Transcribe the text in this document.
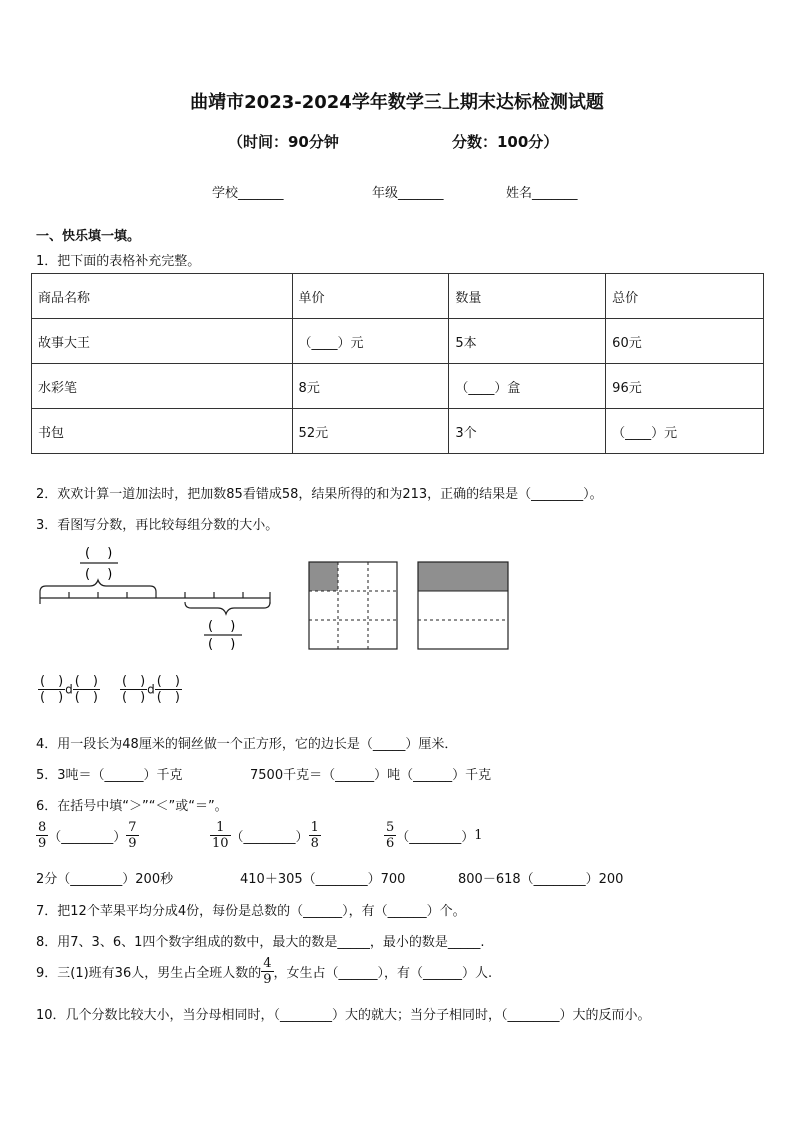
曲靖市2023-2024学年数学三上期末达标检测试题
（时间：90分钟	分数：100分）
学校_______	年级_______	姓名_______
一、快乐填一填。
1．把下面的表格补充完整。
商品名称	单价	数量	总价
故事大王	（____）元	5本	60元
水彩笔	8元	（____）盒	96元
书包	52元	3个	（____）元
2．欢欢计算一道加法时，把加数85看错成58，结果所得的和为213，正确的结果是（________）。
3．看图写分数，再比较每组分数的大小。
(　 )
(　 )
(　 )
(　 )
$\frac{( )}{( )}$ d $\frac{( )}{( )} \frac{( )}{( )}$ d $\frac{( )}{( )}$
4．用一段长为48厘米的铜丝做一个正方形，它的边长是（_____）厘米．
5．3吨＝（______）千克	7500千克＝（______）吨（______）千克
6．在括号中填“＞”“＜”或“＝”。
$\frac{8}{9}$ （________） $\frac{7}{9}$	$\frac{1}{10}$ （________） $\frac{1}{8}$	$\frac{5}{6}$ （________）1
2分（________）200秒	410＋305（________）700	800－618（________）200
7．把12个苹果平均分成4份，每份是总数的（______），有（______）个。
8．用7、3、6、1四个数字组成的数中，最大的数是_____，最小的数是_____.
9．三(1)班有36人，男生占全班人数的 $\frac{4}{9}$ ，女生占（______），有（______）人.
10．几个分数比较大小，当分母相同时，（________）大的就大；当分子相同时，（________）大的反而小。
